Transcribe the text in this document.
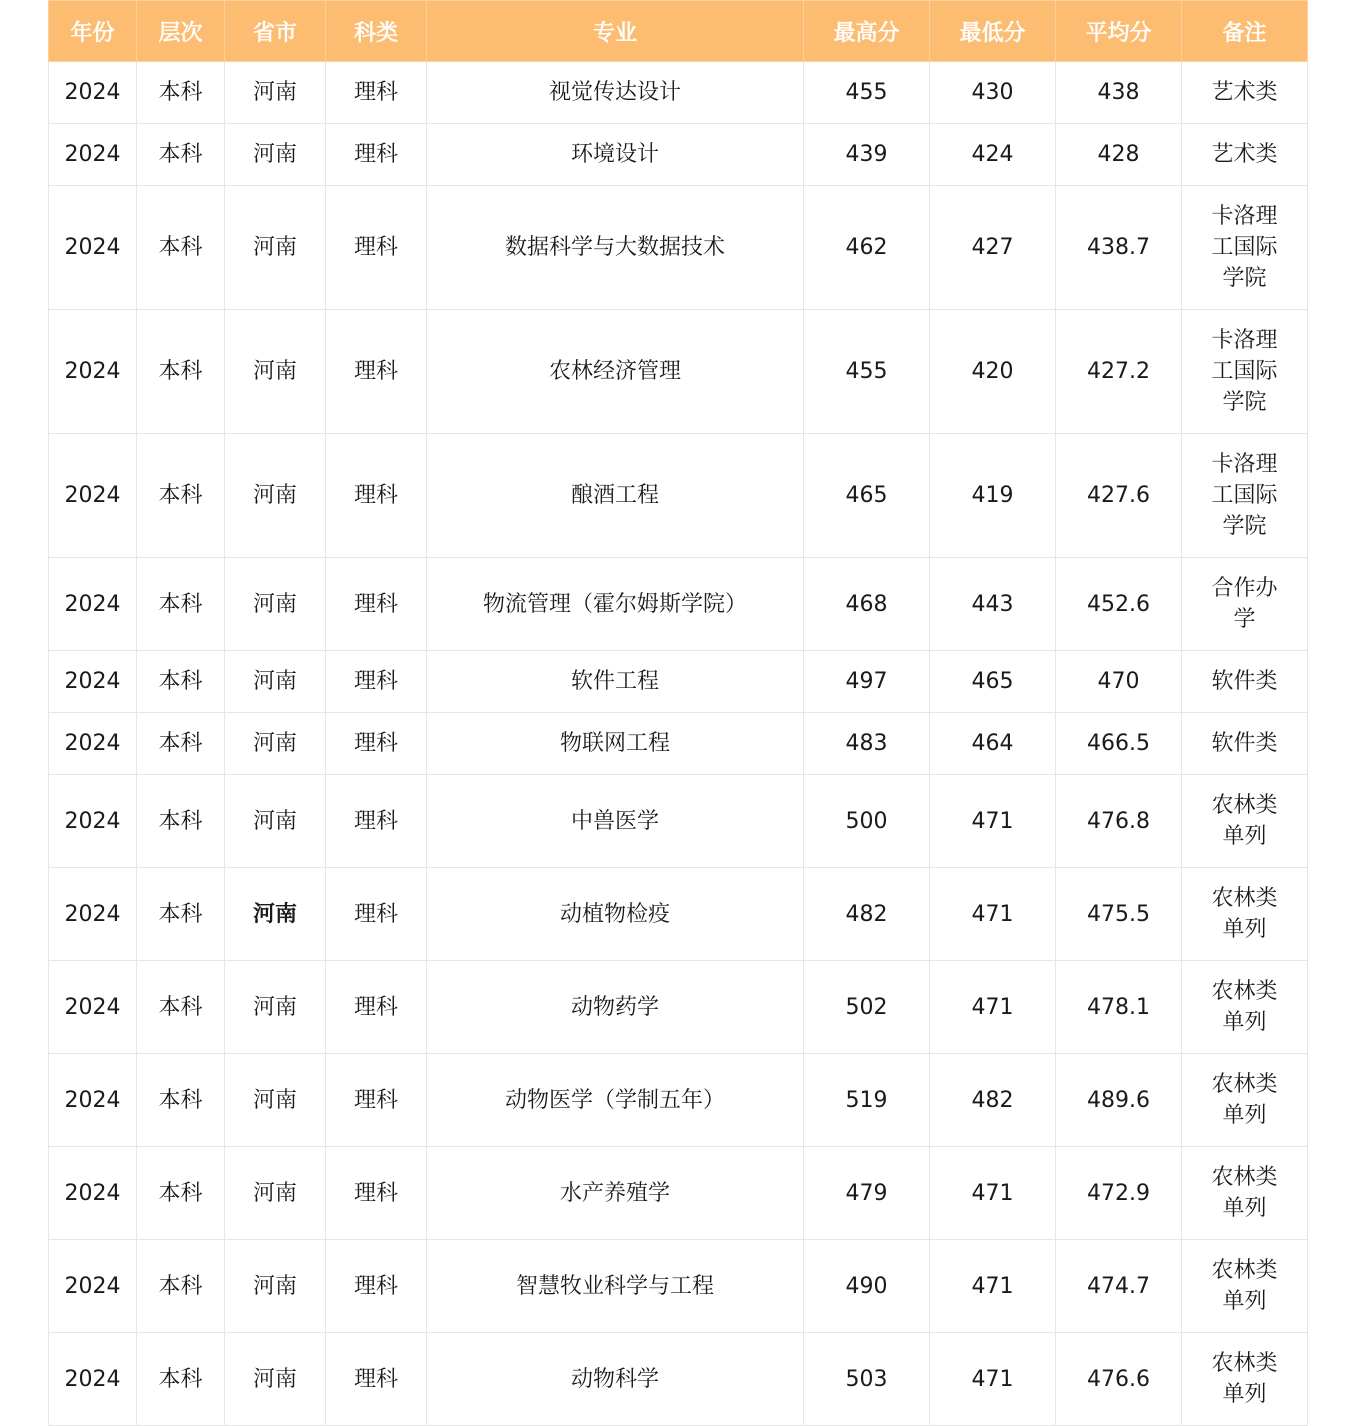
年份	层次	省市	科类	专业	最高分	最低分	平均分	备注
2024	本科	河南	理科	视觉传达设计	455	430	438	艺术类
2024	本科	河南	理科	环境设计	439	424	428	艺术类
2024	本科	河南	理科	数据科学与大数据技术	462	427	438.7	卡洛理工国际学院
2024	本科	河南	理科	农林经济管理	455	420	427.2	卡洛理工国际学院
2024	本科	河南	理科	酿酒工程	465	419	427.6	卡洛理工国际学院
2024	本科	河南	理科	物流管理（霍尔姆斯学院）	468	443	452.6	合作办学
2024	本科	河南	理科	软件工程	497	465	470	软件类
2024	本科	河南	理科	物联网工程	483	464	466.5	软件类
2024	本科	河南	理科	中兽医学	500	471	476.8	农林类单列
2024	本科	河南	理科	动植物检疫	482	471	475.5	农林类单列
2024	本科	河南	理科	动物药学	502	471	478.1	农林类单列
2024	本科	河南	理科	动物医学（学制五年）	519	482	489.6	农林类单列
2024	本科	河南	理科	水产养殖学	479	471	472.9	农林类单列
2024	本科	河南	理科	智慧牧业科学与工程	490	471	474.7	农林类单列
2024	本科	河南	理科	动物科学	503	471	476.6	农林类单列
